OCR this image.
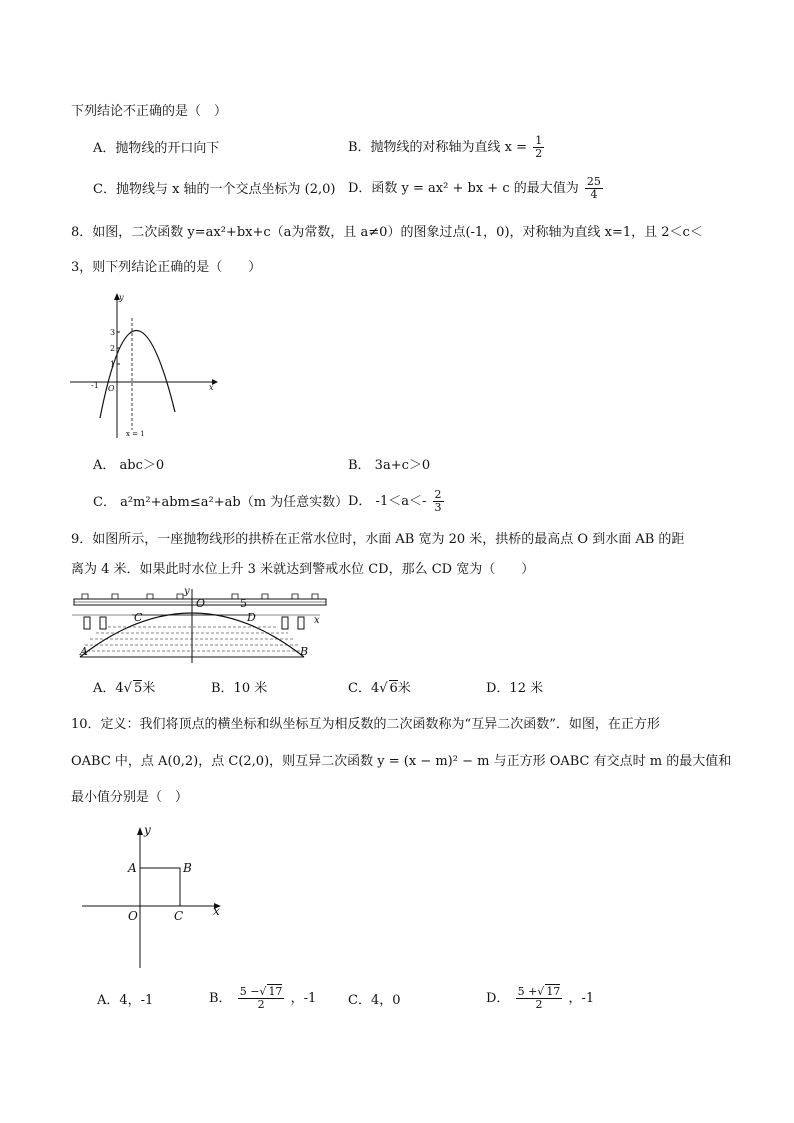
下列结论不正确的是（　）
A．抛物线的开口向下	B．抛物线的对称轴为直线 $x = \frac{1}{2}$
C．抛物线与 x 轴的一个交点坐标为 (2,0) D．函数 y = ax² + bx + c 的最大值为 $\frac{25}{4}$
8．如图，二次函数 y=ax²+bx+c（a为常数，且 a≠0）的图象过点(-1，0)，对称轴为直线 x=1，且 2＜c＜
3，则下列结论正确的是（　　）
y
x
O
-1
1
2
3
x = 1
A． abc＞0	B． 3a+c＞0
C． a²m²+abm≤a²+ab（m 为任意实数） D． $-1<a<- \frac{2}{3}$
9．如图所示，一座抛物线形的拱桥在正常水位时，水面 AB 宽为 20 米，拱桥的最高点 O 到水面 AB 的距
离为 4 米．如果此时水位上升 3 米就达到警戒水位 CD，那么 CD 宽为（　　）
y
x
O	5
C	D
A	B
A．4√ 5米	B．10 米	C．4√ 6米	D．12 米
10．定义：我们将顶点的横坐标和纵坐标互为相反数的二次函数称为“互异二次函数”．如图，在正方形
OABC 中，点 A(0,2)，点 C(2,0)，则互异二次函数 y = (x − m)² − m 与正方形 OABC 有交点时 m 的最大值和
最小值分别是（　）
y
x
A	B
O	C
A．4，-1	B． $\frac{5 -√ 17}{2}$ ，-1 C．4，0	D． $\frac{5 +√ 17}{2}$ ，-1
